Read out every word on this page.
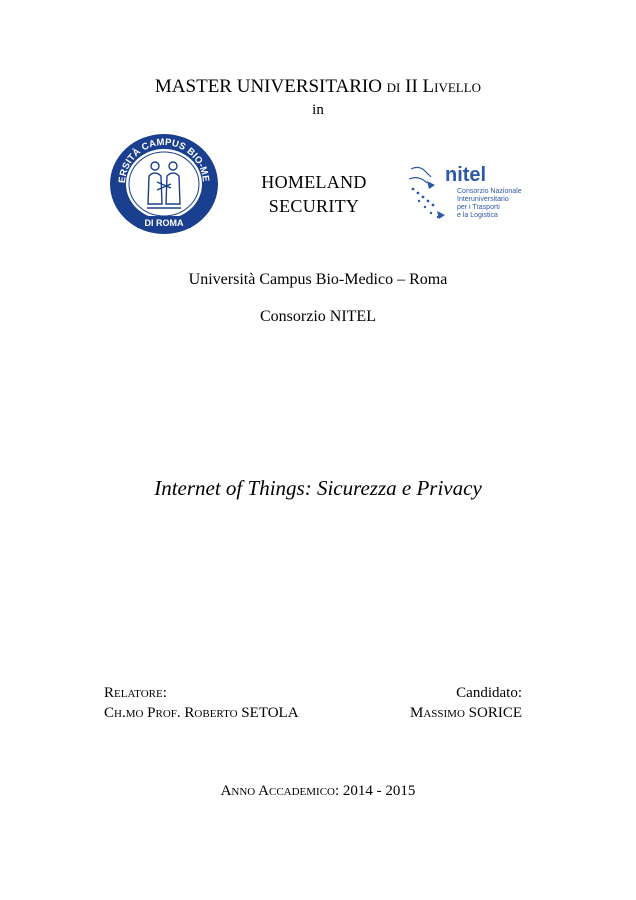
MASTER UNIVERSITARIO di II Livello
in
ERSITÀ CAMPUS BIO-ME
DI ROMA
HOMELAND
SECURITY
nitel
Consorzio Nazionale
Interuniversitario
per i Trasporti
e la Logistica
Università Campus Bio-Medico – Roma
Consorzio NITEL
Internet of Things: Sicurezza e Privacy
Relatore:
Ch.mo Prof. Roberto SETOLA
Candidato:
Massimo SORICE
Anno Accademico: 2014 - 2015
